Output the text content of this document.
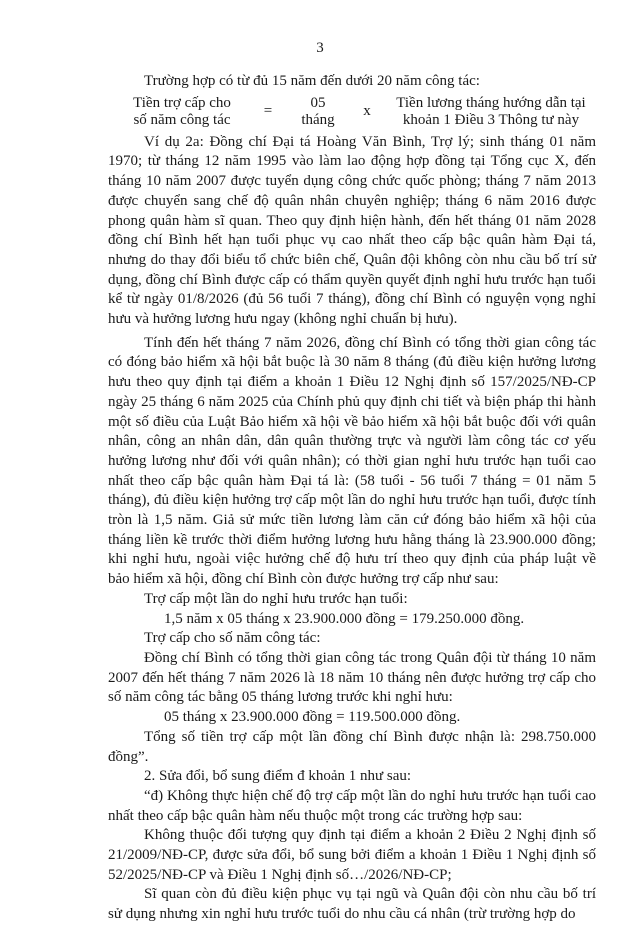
3

Trường hợp có từ đủ 15 năm đến dưới 20 năm công tác:

Tiền trợ cấp cho
số năm công tác
=
05
tháng
x
Tiền lương tháng hướng dẫn tại
khoản 1 Điều 3 Thông tư này

Ví dụ 2a: Đồng chí Đại tá Hoàng Văn Bình, Trợ lý; sinh tháng 01 năm 1970; từ tháng 12 năm 1995 vào làm lao động hợp đồng tại Tổng cục X, đến tháng 10 năm 2007 được tuyển dụng công chức quốc phòng; tháng 7 năm 2013 được chuyển sang chế độ quân nhân chuyên nghiệp; tháng 6 năm 2016 được phong quân hàm sĩ quan. Theo quy định hiện hành, đến hết tháng 01 năm 2028 đồng chí Bình hết hạn tuổi phục vụ cao nhất theo cấp bậc quân hàm Đại tá, nhưng do thay đổi biểu tổ chức biên chế, Quân đội không còn nhu cầu bố trí sử dụng, đồng chí Bình được cấp có thẩm quyền quyết định nghỉ hưu trước hạn tuổi kể từ ngày 01/8/2026 (đủ 56 tuổi 7 tháng), đồng chí Bình có nguyện vọng nghỉ hưu và hưởng lương hưu ngay (không nghỉ chuẩn bị hưu).

Tính đến hết tháng 7 năm 2026, đồng chí Bình có tổng thời gian công tác có đóng bảo hiểm xã hội bắt buộc là 30 năm 8 tháng (đủ điều kiện hưởng lương hưu theo quy định tại điểm a khoản 1 Điều 12 Nghị định số 157/2025/NĐ-CP ngày 25 tháng 6 năm 2025 của Chính phủ quy định chi tiết và biện pháp thi hành một số điều của Luật Bảo hiểm xã hội về bảo hiểm xã hội bắt buộc đối với quân nhân, công an nhân dân, dân quân thường trực và người làm công tác cơ yếu hưởng lương như đối với quân nhân); có thời gian nghỉ hưu trước hạn tuổi cao nhất theo cấp bậc quân hàm Đại tá là: (58 tuổi - 56 tuổi 7 tháng = 01 năm 5 tháng), đủ điều kiện hưởng trợ cấp một lần do nghỉ hưu trước hạn tuổi, được tính tròn là 1,5 năm. Giả sử mức tiền lương làm căn cứ đóng bảo hiểm xã hội của tháng liền kề trước thời điểm hưởng lương hưu hằng tháng là 23.900.000 đồng; khi nghỉ hưu, ngoài việc hưởng chế độ hưu trí theo quy định của pháp luật về bảo hiểm xã hội, đồng chí Bình còn được hưởng trợ cấp như sau:

Trợ cấp một lần do nghỉ hưu trước hạn tuổi:

1,5 năm x 05 tháng x 23.900.000 đồng = 179.250.000 đồng.

Trợ cấp cho số năm công tác:

Đồng chí Bình có tổng thời gian công tác trong Quân đội từ tháng 10 năm 2007 đến hết tháng 7 năm 2026 là 18 năm 10 tháng nên được hưởng trợ cấp cho số năm công tác bằng 05 tháng lương trước khi nghỉ hưu:

05 tháng x 23.900.000 đồng = 119.500.000 đồng.

Tổng số tiền trợ cấp một lần đồng chí Bình được nhận là: 298.750.000 đồng”.

2. Sửa đổi, bổ sung điểm đ khoản 1 như sau:

“đ) Không thực hiện chế độ trợ cấp một lần do nghỉ hưu trước hạn tuổi cao nhất theo cấp bậc quân hàm nếu thuộc một trong các trường hợp sau:

Không thuộc đối tượng quy định tại điểm a khoản 2 Điều 2 Nghị định số 21/2009/NĐ-CP, được sửa đổi, bổ sung bởi điểm a khoản 1 Điều 1 Nghị định số 52/2025/NĐ-CP và Điều 1 Nghị định số…/2026/NĐ-CP;

Sĩ quan còn đủ điều kiện phục vụ tại ngũ và Quân đội còn nhu cầu bố trí sử dụng nhưng xin nghỉ hưu trước tuổi do nhu cầu cá nhân (trừ trường hợp do
